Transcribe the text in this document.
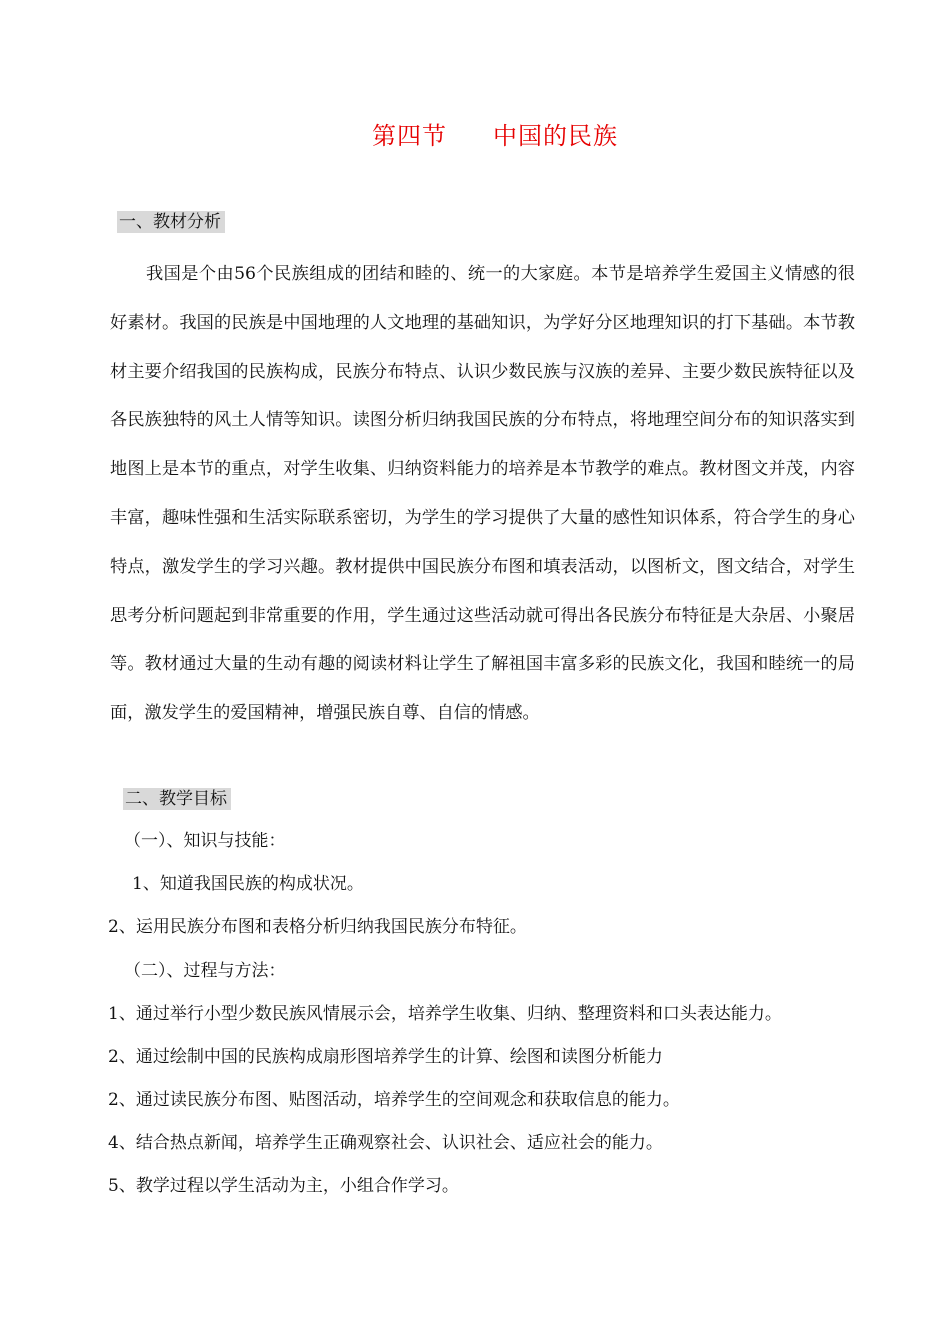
第四节 中国的民族
一、教材分析

我国是个由56个民族组成的团结和睦的、统一的大家庭。本节是培养学生爱国主义情感的很好素材。我国的民族是中国地理的人文地理的基础知识，为学好分区地理知识的打下基础。本节教材主要介绍我国的民族构成，民族分布特点、认识少数民族与汉族的差异、主要少数民族特征以及各民族独特的风土人情等知识。读图分析归纳我国民族的分布特点，将地理空间分布的知识落实到地图上是本节的重点，对学生收集、归纳资料能力的培养是本节教学的难点。教材图文并茂，内容丰富，趣味性强和生活实际联系密切，为学生的学习提供了大量的感性知识体系，符合学生的身心特点，激发学生的学习兴趣。教材提供中国民族分布图和填表活动，以图析文，图文结合，对学生思考分析问题起到非常重要的作用，学生通过这些活动就可得出各民族分布特征是大杂居、小聚居等。教材通过大量的生动有趣的阅读材料让学生了解祖国丰富多彩的民族文化，我国和睦统一的局面，激发学生的爱国精神，增强民族自尊、自信的情感。

二、教学目标
（一）、知识与技能：
1、知道我国民族的构成状况。
2、运用民族分布图和表格分析归纳我国民族分布特征。
（二）、过程与方法：
1、通过举行小型少数民族风情展示会，培养学生收集、归纳、整理资料和口头表达能力。
2、通过绘制中国的民族构成扇形图培养学生的计算、绘图和读图分析能力
2、通过读民族分布图、贴图活动，培养学生的空间观念和获取信息的能力。
4、结合热点新闻，培养学生正确观察社会、认识社会、适应社会的能力。
5、教学过程以学生活动为主，小组合作学习。
